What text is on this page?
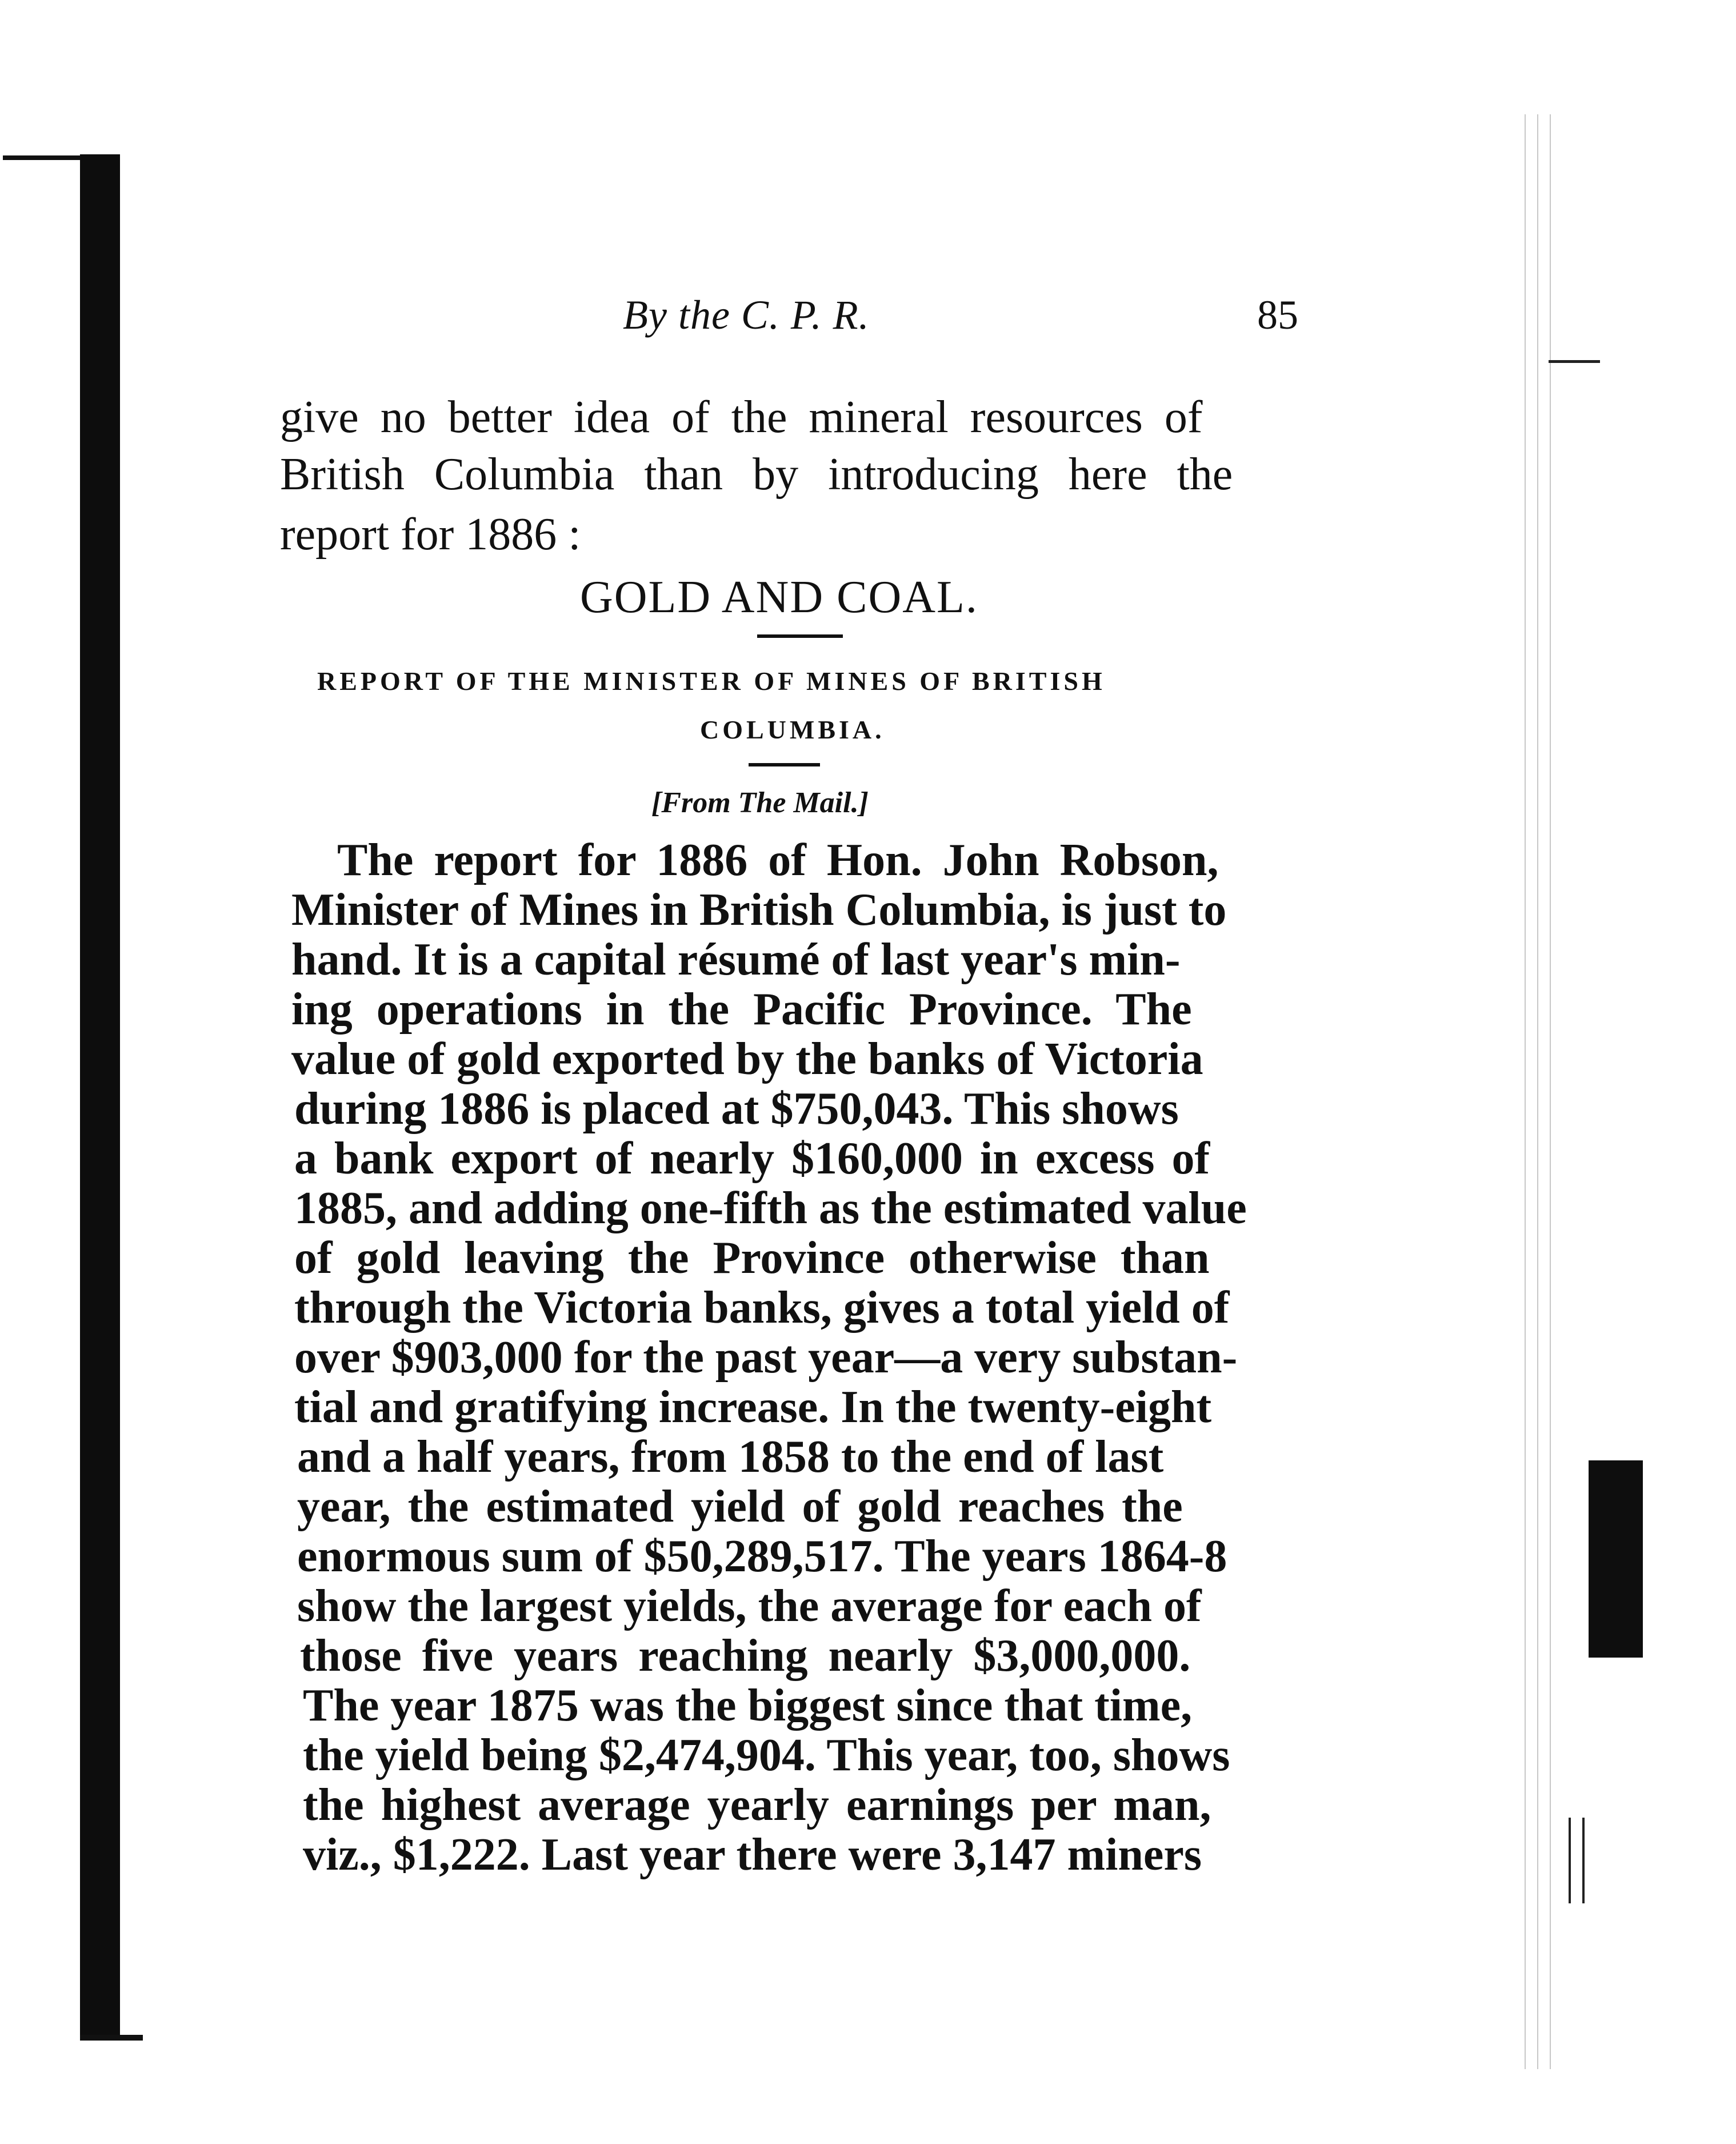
By the C. P. R.	85
give no better idea of the mineral resources of
British Columbia than by introducing here the
report for 1886 :
GOLD AND COAL.
REPORT OF THE MINISTER OF MINES OF BRITISH
COLUMBIA.
[From The Mail.]
The report for 1886 of Hon. John Robson,
Minister of Mines in British Columbia, is just to
hand. It is a capital résumé of last year's min-
ing operations in the Pacific Province. The
value of gold exported by the banks of Victoria
during 1886 is placed at $750,043. This shows
a bank export of nearly $160,000 in excess of
1885, and adding one-fifth as the estimated value
of gold leaving the Province otherwise than
through the Victoria banks, gives a total yield of
over $903,000 for the past year—a very substan-
tial and gratifying increase. In the twenty-eight
and a half years, from 1858 to the end of last
year, the estimated yield of gold reaches the
enormous sum of $50,289,517. The years 1864-8
show the largest yields, the average for each of
those five years reaching nearly $3,000,000.
The year 1875 was the biggest since that time,
the yield being $2,474,904. This year, too, shows
the highest average yearly earnings per man,
viz., $1,222. Last year there were 3,147 miners
